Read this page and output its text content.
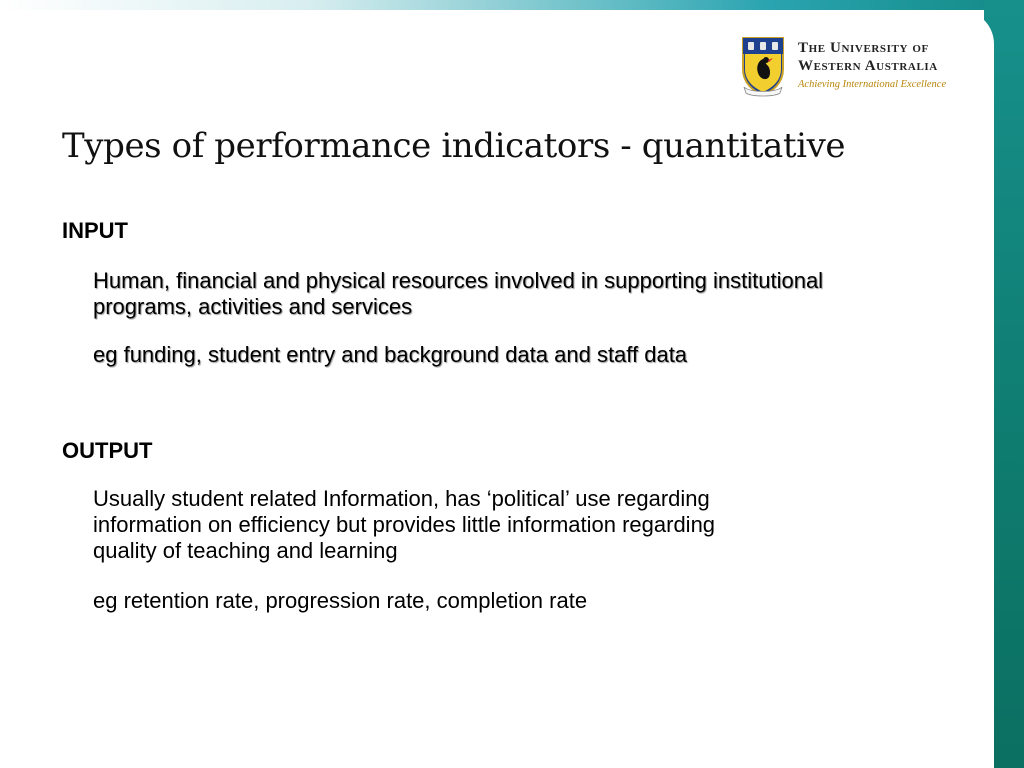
The University of
Western Australia
Achieving International Excellence
Types of performance indicators - quantitative
INPUT
Human, financial and physical resources involved in supporting institutional programs, activities and services
eg funding, student entry and background data and staff data
OUTPUT
Usually student related Information, has ‘political’ use regarding information on efficiency but provides little information regarding quality of teaching and learning
eg retention rate, progression rate, completion rate
